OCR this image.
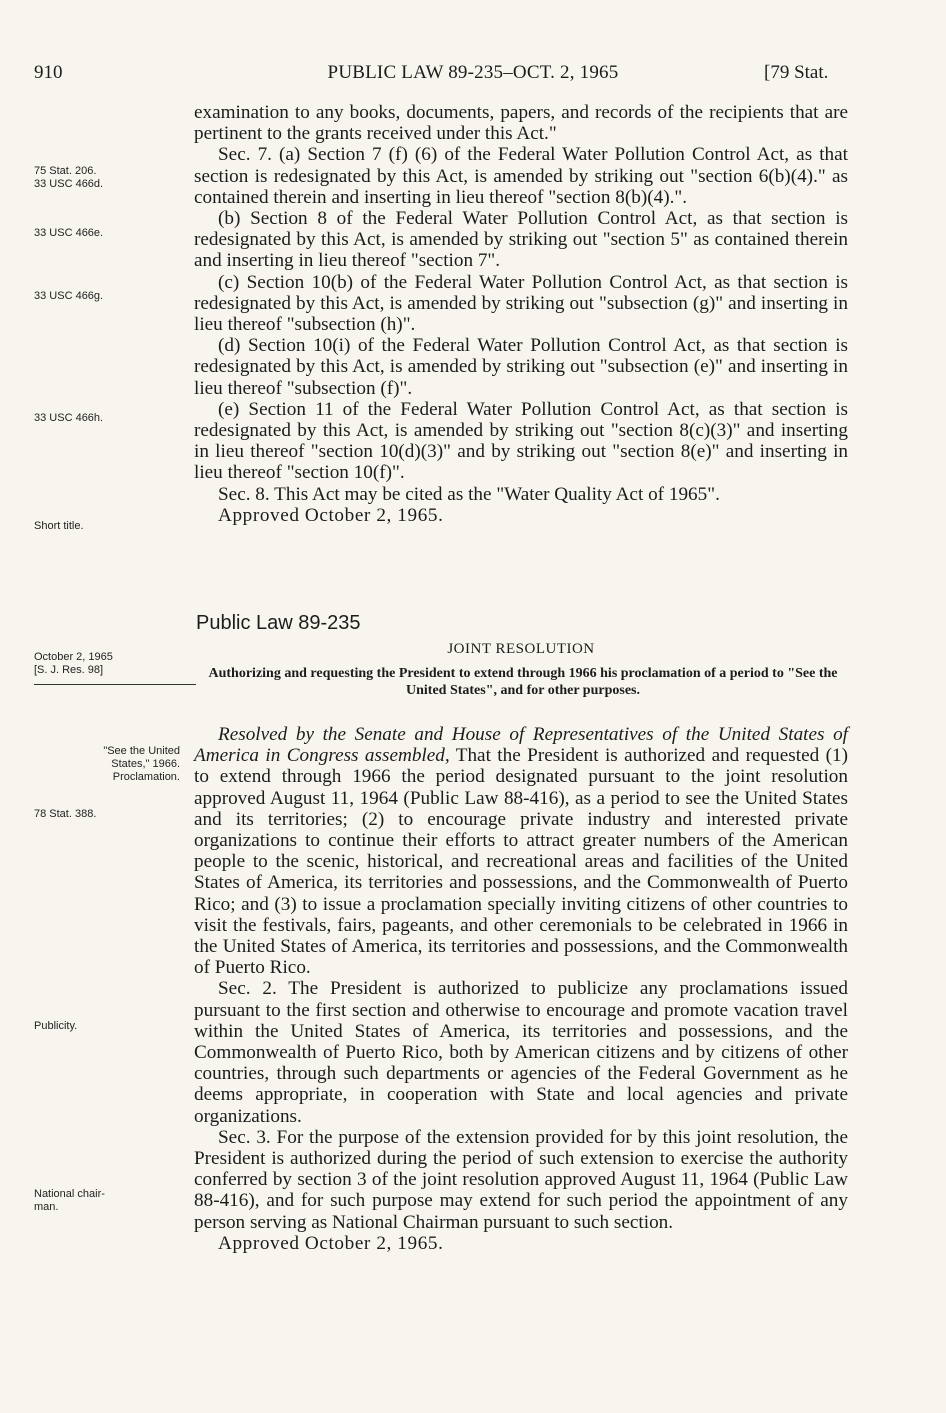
910	PUBLIC LAW 89-235–OCT. 2, 1965	[79 Stat.
75 Stat. 206.
33 USC 466d.
33 USC 466e.
33 USC 466g.
33 USC 466h.
Short title.
October 2, 1965
[S. J. Res. 98]
"See the United
States," 1966.
Proclamation.
78 Stat. 388.
Publicity.
National chair-
man.

examination to any books, documents, papers, and records of the recipients that are pertinent to the grants received under this Act."

Sec. 7. (a) Section 7 (f) (6) of the Federal Water Pollution Control Act, as that section is redesignated by this Act, is amended by striking out "section 6(b)(4)." as contained therein and inserting in lieu thereof "section 8(b)(4).".

(b) Section 8 of the Federal Water Pollution Control Act, as that section is redesignated by this Act, is amended by striking out "section 5" as contained therein and inserting in lieu thereof "section 7".

(c) Section 10(b) of the Federal Water Pollution Control Act, as that section is redesignated by this Act, is amended by striking out "subsection (g)" and inserting in lieu thereof "subsection (h)".

(d) Section 10(i) of the Federal Water Pollution Control Act, as that section is redesignated by this Act, is amended by striking out "subsection (e)" and inserting in lieu thereof "subsection (f)".

(e) Section 11 of the Federal Water Pollution Control Act, as that section is redesignated by this Act, is amended by striking out "section 8(c)(3)" and inserting in lieu thereof "section 10(d)(3)" and by striking out "section 8(e)" and inserting in lieu thereof "section 10(f)".

Sec. 8. This Act may be cited as the "Water Quality Act of 1965".

Approved October 2, 1965.

Public Law 89-235
JOINT RESOLUTION
Authorizing and requesting the President to extend through 1966 his proclamation of a period to "See the United States", and for other purposes.

Resolved by the Senate and House of Representatives of the United States of America in Congress assembled, That the President is authorized and requested (1) to extend through 1966 the period designated pursuant to the joint resolution approved August 11, 1964 (Public Law 88-416), as a period to see the United States and its territories; (2) to encourage private industry and interested private organizations to continue their efforts to attract greater numbers of the American people to the scenic, historical, and recreational areas and facilities of the United States of America, its territories and possessions, and the Commonwealth of Puerto Rico; and (3) to issue a proclamation specially inviting citizens of other countries to visit the festivals, fairs, pageants, and other ceremonials to be celebrated in 1966 in the United States of America, its territories and possessions, and the Commonwealth of Puerto Rico.

Sec. 2. The President is authorized to publicize any proclamations issued pursuant to the first section and otherwise to encourage and promote vacation travel within the United States of America, its territories and possessions, and the Commonwealth of Puerto Rico, both by American citizens and by citizens of other countries, through such departments or agencies of the Federal Government as he deems appropriate, in cooperation with State and local agencies and private organizations.

Sec. 3. For the purpose of the extension provided for by this joint resolution, the President is authorized during the period of such extension to exercise the authority conferred by section 3 of the joint resolution approved August 11, 1964 (Public Law 88-416), and for such purpose may extend for such period the appointment of any person serving as National Chairman pursuant to such section.

Approved October 2, 1965.
